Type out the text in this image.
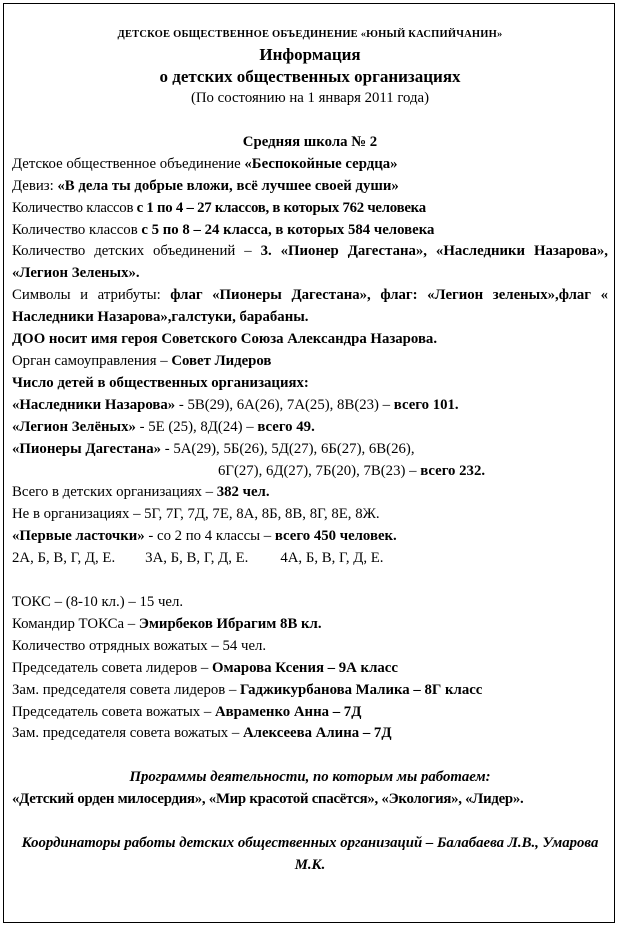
ДЕТСКОЕ ОБЩЕСТВЕННОЕ ОБЪЕДИНЕНИЕ «ЮНЫЙ КАСПИЙЧАНИН»
Информация
о детских общественных организациях
(По состоянию на 1 января 2011 года)
Средняя школа № 2
Детское общественное объединение «Беспокойные сердца»
Девиз: «В дела ты добрые вложи, всё лучшее своей души»
Количество классов с 1 по 4 – 27 классов, в которых 762 человека
Количество классов с 5 по 8 – 24 класса, в которых 584 человека
Количество детских объединений – 3. «Пионер Дагестана», «Наследники Назарова», «Легион Зеленых».
Символы и атрибуты: флаг «Пионеры Дагестана», флаг: «Легион зеленых»,флаг « Наследники Назарова»,галстуки, барабаны.
ДОО носит имя героя Советского Союза Александра Назарова.
Орган самоуправления – Совет Лидеров
Число детей в общественных организациях:
«Наследники Назарова» - 5В(29), 6А(26), 7А(25), 8В(23) – всего 101.
«Легион Зелёных» - 5Е (25), 8Д(24) – всего 49.
«Пионеры Дагестана» - 5А(29), 5Б(26), 5Д(27), 6Б(27), 6В(26),
6Г(27), 6Д(27), 7Б(20), 7В(23) – всего 232.
Всего в детских организациях – 382 чел.
Не в организациях – 5Г, 7Г, 7Д, 7Е, 8А, 8Б, 8В, 8Г, 8Е, 8Ж.
«Первые ласточки» - со 2 по 4 классы – всего 450 человек.
2А, Б, В, Г, Д, Е. 3А, Б, В, Г, Д, Е. 4А, Б, В, Г, Д, Е.
ТОКС – (8-10 кл.) – 15 чел.
Командир ТОКСа – Эмирбеков Ибрагим 8В кл.
Количество отрядных вожатых – 54 чел.
Председатель совета лидеров – Омарова Ксения – 9А класс
Зам. председателя совета лидеров – Гаджикурбанова Малика – 8Г класс
Председатель совета вожатых – Авраменко Анна – 7Д
Зам. председателя совета вожатых – Алексеева Алина – 7Д
Программы деятельности, по которым мы работаем:
«Детский орден милосердия», «Мир красотой спасётся», «Экология», «Лидер».
Координаторы работы детских общественных организаций – Балабаева Л.В., Умарова М.К.
